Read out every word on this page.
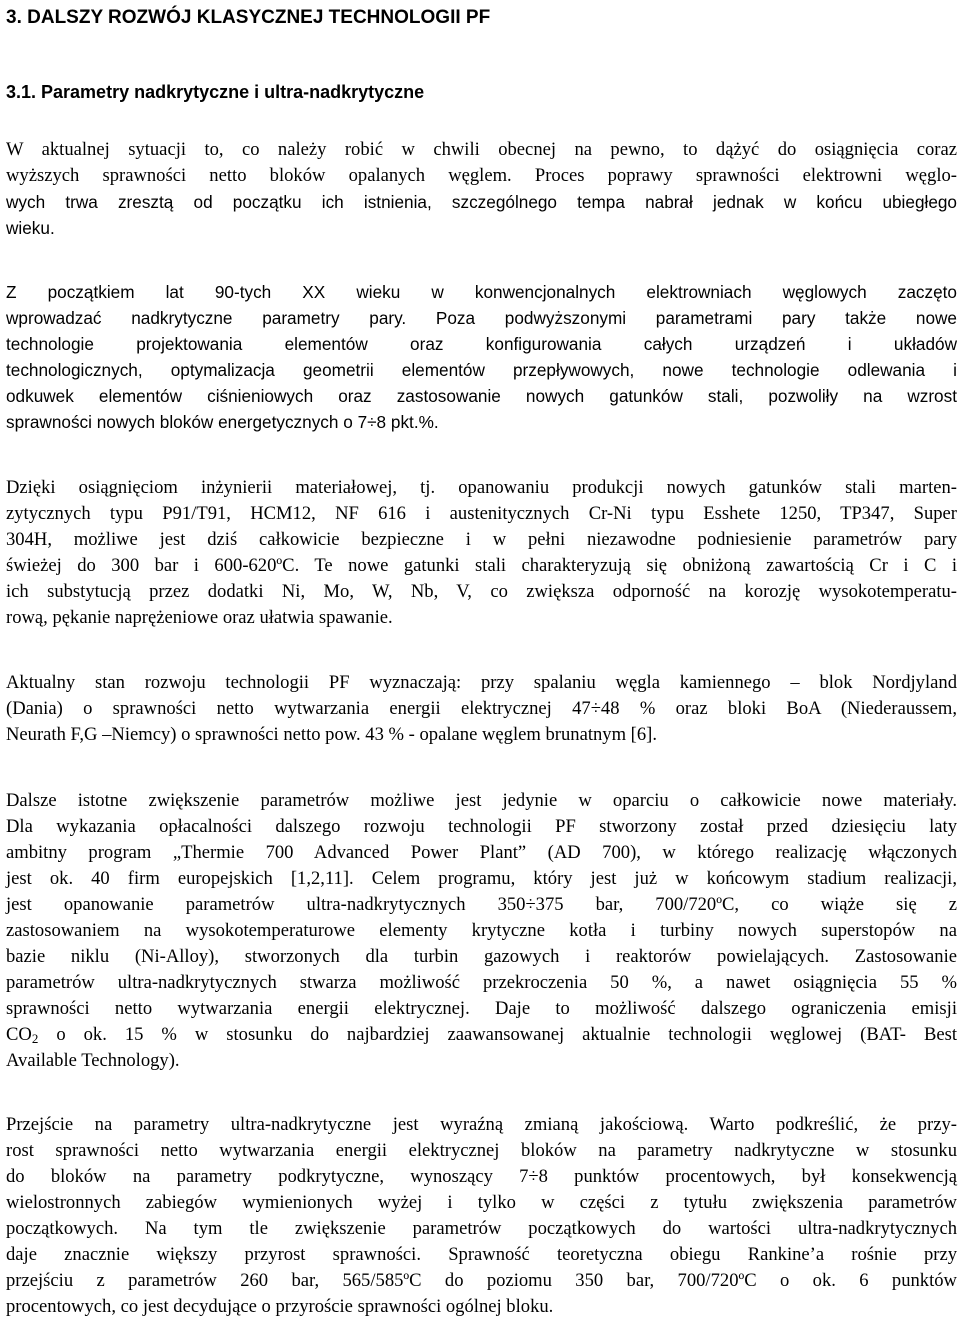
3. DALSZY ROZWÓJ KLASYCZNEJ TECHNOLOGII PF
3.1. Parametry nadkrytyczne i ultra-nadkrytyczne
W aktualnej sytuacji to, co należy robić w chwili obecnej na pewno, to dążyć do osiągnięcia coraz
wyższych sprawności netto bloków opalanych węglem. Proces poprawy sprawności elektrowni węglo-
wych trwa zresztą od początku ich istnienia, szczególnego tempa nabrał jednak w końcu ubiegłego
wieku.
Z początkiem lat 90-tych XX wieku w konwencjonalnych elektrowniach węglowych zaczęto
wprowadzać nadkrytyczne parametry pary. Poza podwyższonymi parametrami pary także nowe
technologie projektowania elementów oraz konfigurowania całych urządzeń i układów
technologicznych, optymalizacja geometrii elementów przepływowych, nowe technologie odlewania i
odkuwek elementów ciśnieniowych oraz zastosowanie nowych gatunków stali, pozwoliły na wzrost
sprawności nowych bloków energetycznych o 7÷8 pkt.%.
Dzięki osiągnięciom inżynierii materiałowej, tj. opanowaniu produkcji nowych gatunków stali marten-
zytycznych typu P91/T91, HCM12, NF 616 i austenitycznych Cr-Ni typu Esshete 1250, TP347, Super
304H, możliwe jest dziś całkowicie bezpieczne i w pełni niezawodne podniesienie parametrów pary
świeżej do 300 bar i 600-620ºC. Te nowe gatunki stali charakteryzują się obniżoną zawartością Cr i C i
ich substytucją przez dodatki Ni, Mo, W, Nb, V, co zwiększa odporność na korozję wysokotemperatu-
rową, pękanie naprężeniowe oraz ułatwia spawanie.
Aktualny stan rozwoju technologii PF wyznaczają: przy spalaniu węgla kamiennego – blok Nordjyland
(Dania) o sprawności netto wytwarzania energii elektrycznej 47÷48 % oraz bloki BoA (Niederaussem,
Neurath F,G –Niemcy) o sprawności netto pow. 43 % - opalane węglem brunatnym [6].
Dalsze istotne zwiększenie parametrów możliwe jest jedynie w oparciu o całkowicie nowe materiały.
Dla wykazania opłacalności dalszego rozwoju technologii PF stworzony został przed dziesięciu laty
ambitny program „Thermie 700 Advanced Power Plant” (AD 700), w którego realizację włączonych
jest ok. 40 firm europejskich [1,2,11]. Celem programu, który jest już w końcowym stadium realizacji,
jest opanowanie parametrów ultra-nadkrytycznych 350÷375 bar, 700/720ºC, co wiąże się z
zastosowaniem na wysokotemperaturowe elementy krytyczne kotła i turbiny nowych superstopów na
bazie niklu (Ni-Alloy), stworzonych dla turbin gazowych i reaktorów powielających. Zastosowanie
parametrów ultra-nadkrytycznych stwarza możliwość przekroczenia 50 %, a nawet osiągnięcia 55 %
sprawności netto wytwarzania energii elektrycznej. Daje to możliwość dalszego ograniczenia emisji
$CO_2$ o ok. 15 % w stosunku do najbardziej zaawansowanej aktualnie technologii węglowej (BAT- Best
Available Technology).
Przejście na parametry ultra-nadkrytyczne jest wyraźną zmianą jakościową. Warto podkreślić, że przy-
rost sprawności netto wytwarzania energii elektrycznej bloków na parametry nadkrytyczne w stosunku
do bloków na parametry podkrytyczne, wynoszący 7÷8 punktów procentowych, był konsekwencją
wielostronnych zabiegów wymienionych wyżej i tylko w części z tytułu zwiększenia parametrów
początkowych. Na tym tle zwiększenie parametrów początkowych do wartości ultra-nadkrytycznych
daje znacznie większy przyrost sprawności. Sprawność teoretyczna obiegu Rankine’a rośnie przy
przejściu z parametrów 260 bar, 565/585ºC do poziomu 350 bar, 700/720ºC o ok. 6 punktów
procentowych, co jest decydujące o przyroście sprawności ogólnej bloku.
